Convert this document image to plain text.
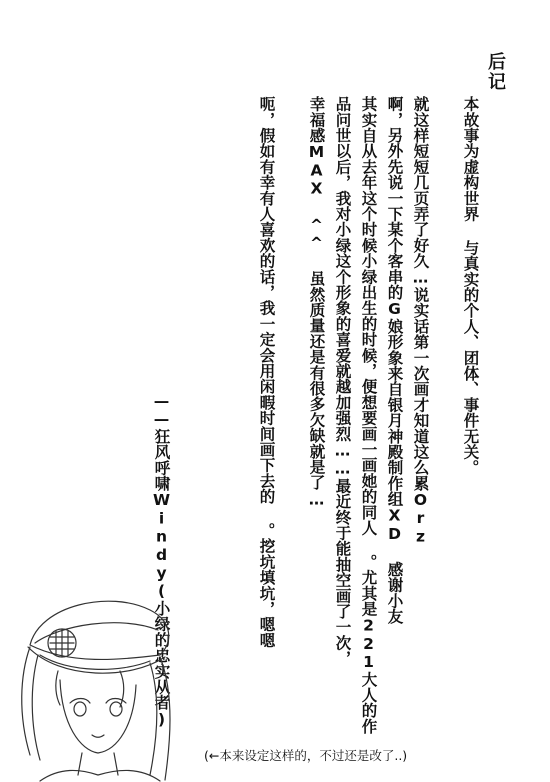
后记
本故事为虚构世界 与真实的个人、团体、事件无关。
就这样短短几页弄了好久…说实话第一次画才知道这么累Orz
啊，另外先说一下某个客串的G娘形象来自银月神殿制作组XD 感谢小友
其实自从去年这个时候小绿出生的时候，便想要画一画她的同人 。尤其是221大人的作
品问世以后，我对小绿这个形象的喜爱就越加强烈……最近终于能抽空画了一次，
幸福感MAX ^^ 虽然质量还是有很多欠缺就是了…
呃，假如有幸有人喜欢的话，我一定会用闲暇时间画下去的 。挖坑填坑，嗯嗯
——狂风呼啸Windy(小绿的忠实从者)
(←本来设定这样的，不过还是改了..)
